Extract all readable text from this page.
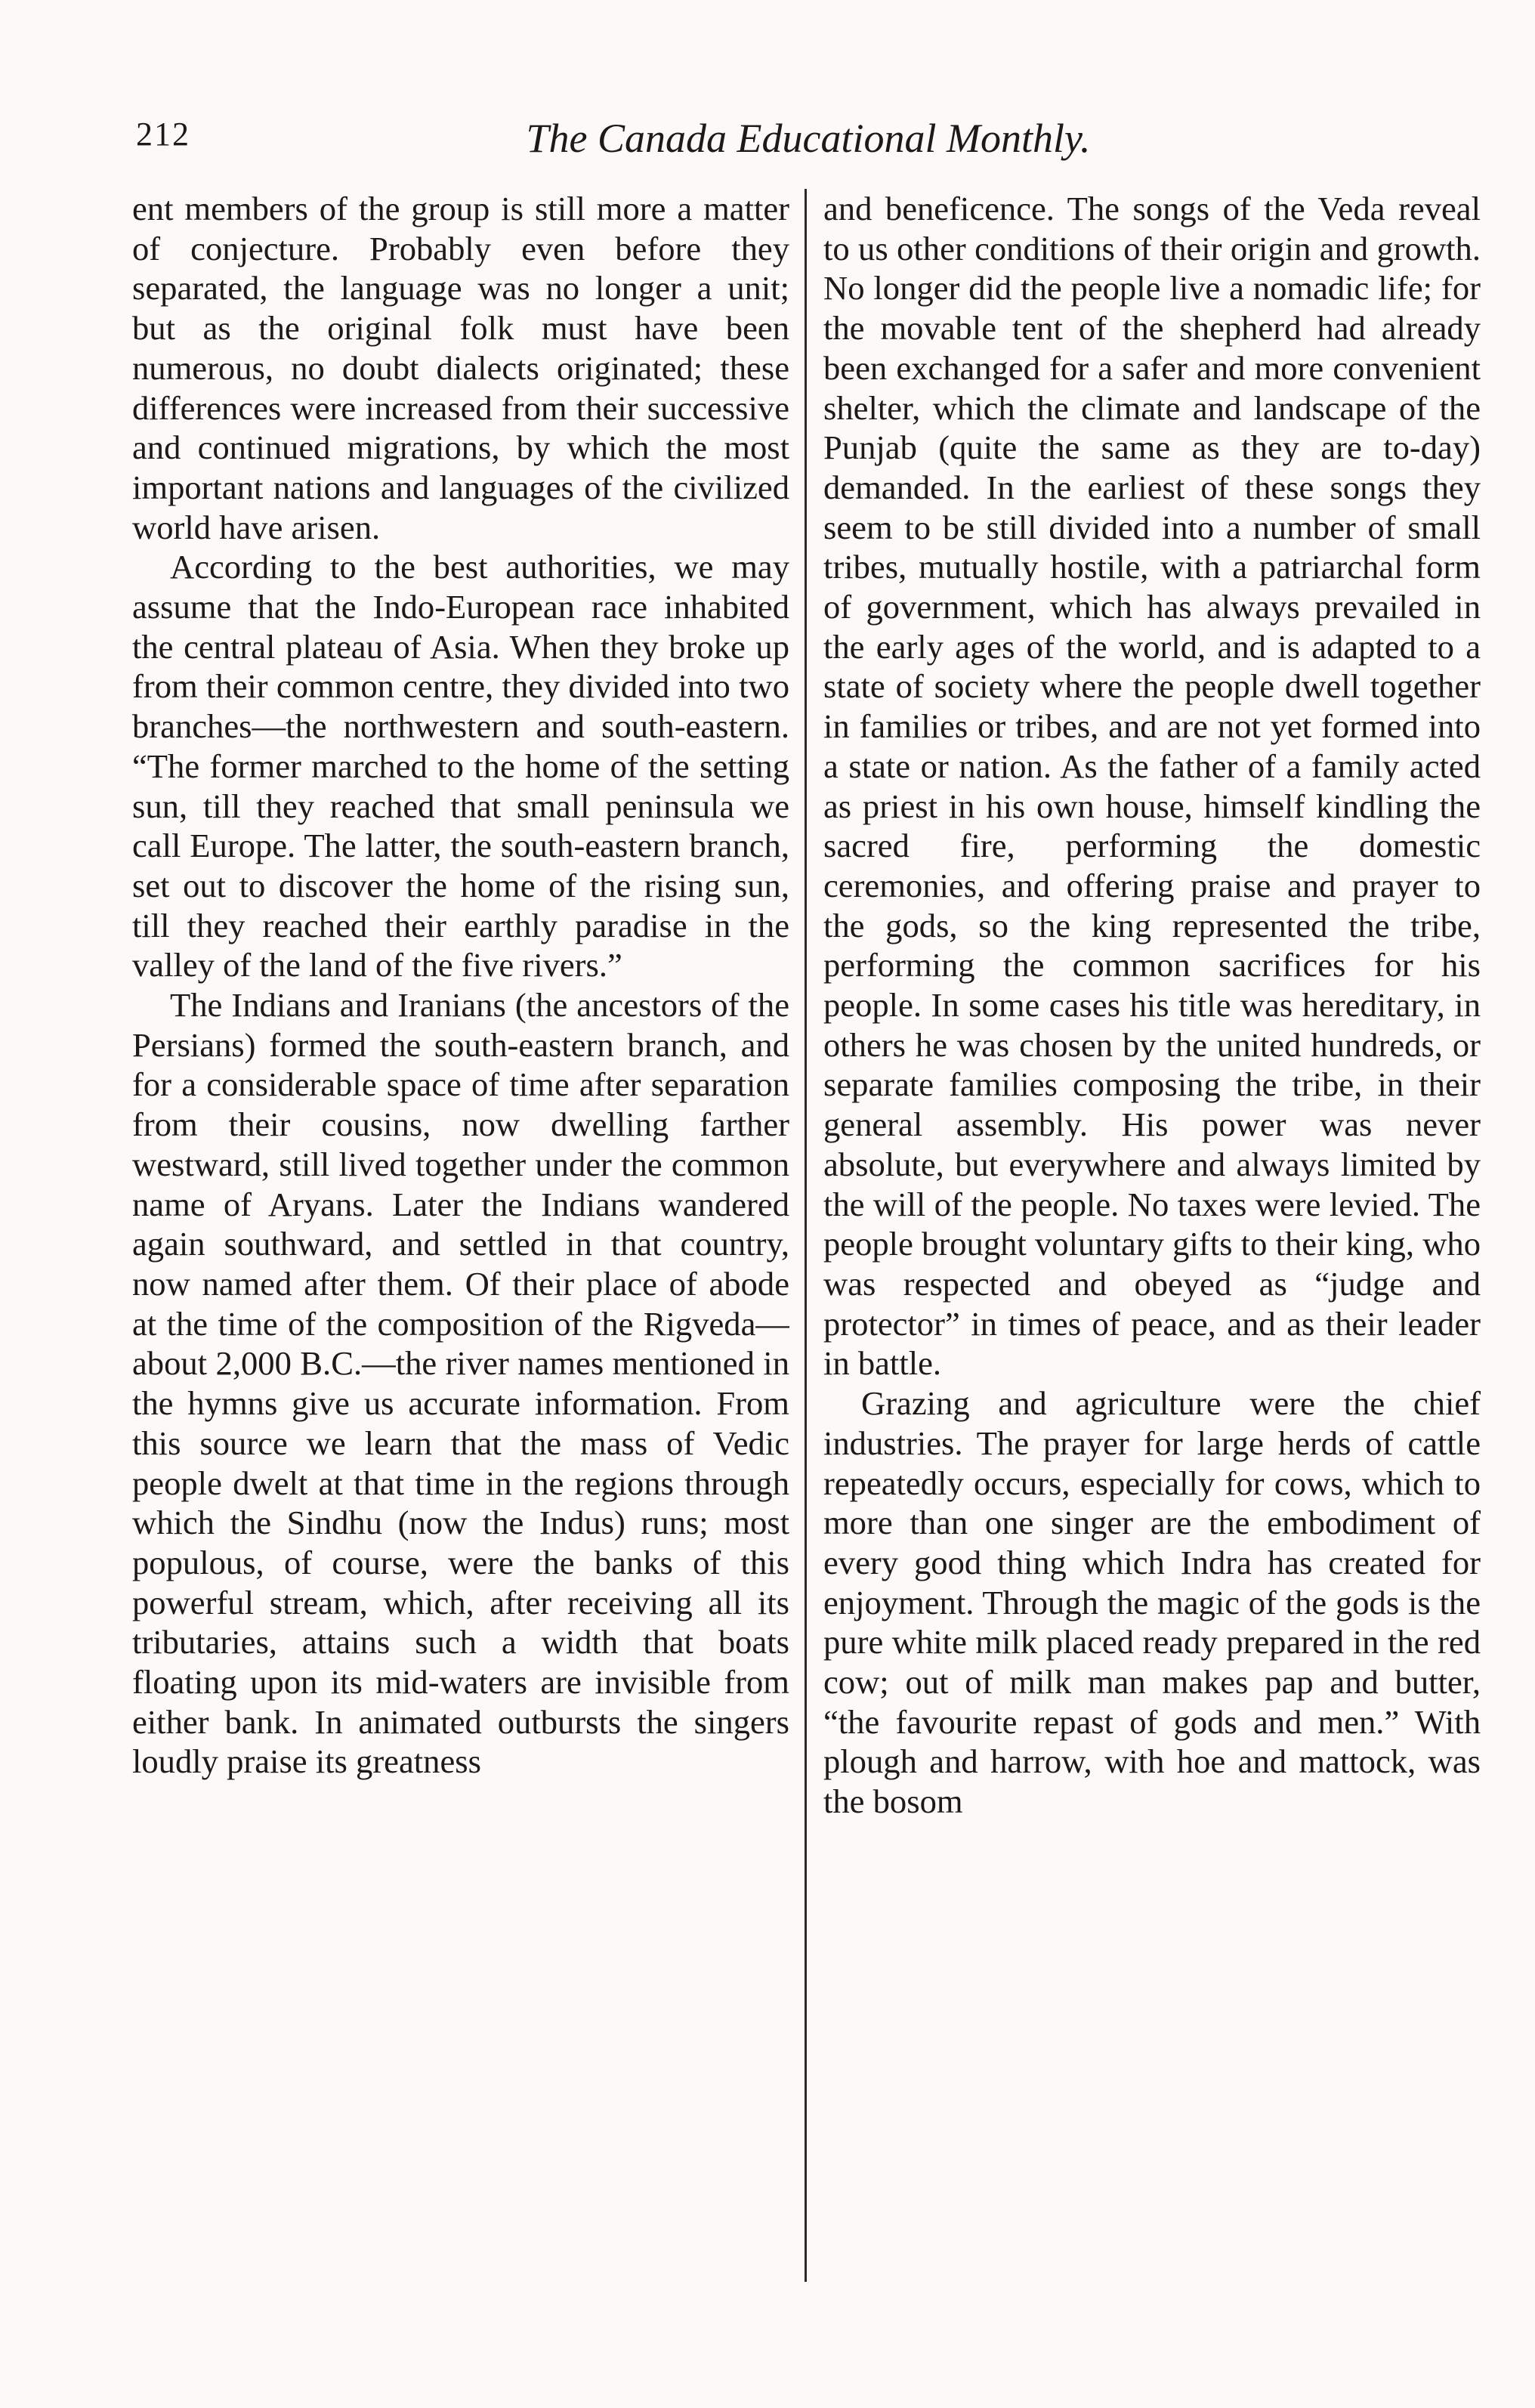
212	The Canada Educational Monthly.

ent members of the group is still more a matter of conjecture. Probably even before they separated, the language was no longer a unit; but as the original folk must have been numerous, no doubt dialects originated; these differences were increased from their successive and continued migrations, by which the most important nations and languages of the civilized world have arisen.

According to the best authorities, we may assume that the Indo-European race inhabited the central plateau of Asia. When they broke up from their common centre, they divided into two branches—the northwestern and south-eastern. “The former marched to the home of the setting sun, till they reached that small peninsula we call Europe. The latter, the south-eastern branch, set out to discover the home of the rising sun, till they reached their earthly paradise in the valley of the land of the five rivers.”

The Indians and Iranians (the ancestors of the Persians) formed the south-eastern branch, and for a considerable space of time after separation from their cousins, now dwelling farther westward, still lived together under the common name of Aryans. Later the Indians wandered again southward, and settled in that country, now named after them. Of their place of abode at the time of the composition of the Rigveda—about 2,000 B.C.—the river names mentioned in the hymns give us accurate information. From this source we learn that the mass of Vedic people dwelt at that time in the regions through which the Sindhu (now the Indus) runs; most populous, of course, were the banks of this powerful stream, which, after receiving all its tributaries, attains such a width that boats floating upon its mid-waters are invisible from either bank. In animated outbursts the singers loudly praise its greatness

and beneficence. The songs of the Veda reveal to us other conditions of their origin and growth. No longer did the people live a nomadic life; for the movable tent of the shepherd had already been exchanged for a safer and more convenient shelter, which the climate and landscape of the Punjab (quite the same as they are to-day) demanded. In the earliest of these songs they seem to be still divided into a number of small tribes, mutually hostile, with a patriarchal form of government, which has always prevailed in the early ages of the world, and is adapted to a state of society where the people dwell together in families or tribes, and are not yet formed into a state or nation. As the father of a family acted as priest in his own house, himself kindling the sacred fire, performing the domestic ceremonies, and offering praise and prayer to the gods, so the king represented the tribe, performing the common sacrifices for his people. In some cases his title was hereditary, in others he was chosen by the united hundreds, or separate families composing the tribe, in their general assembly. His power was never absolute, but everywhere and always limited by the will of the people. No taxes were levied. The people brought voluntary gifts to their king, who was respected and obeyed as “judge and protector” in times of peace, and as their leader in battle.

Grazing and agriculture were the chief industries. The prayer for large herds of cattle repeatedly occurs, especially for cows, which to more than one singer are the embodiment of every good thing which Indra has created for enjoyment. Through the magic of the gods is the pure white milk placed ready prepared in the red cow; out of milk man makes pap and butter, “the favourite repast of gods and men.” With plough and harrow, with hoe and mattock, was the bosom
